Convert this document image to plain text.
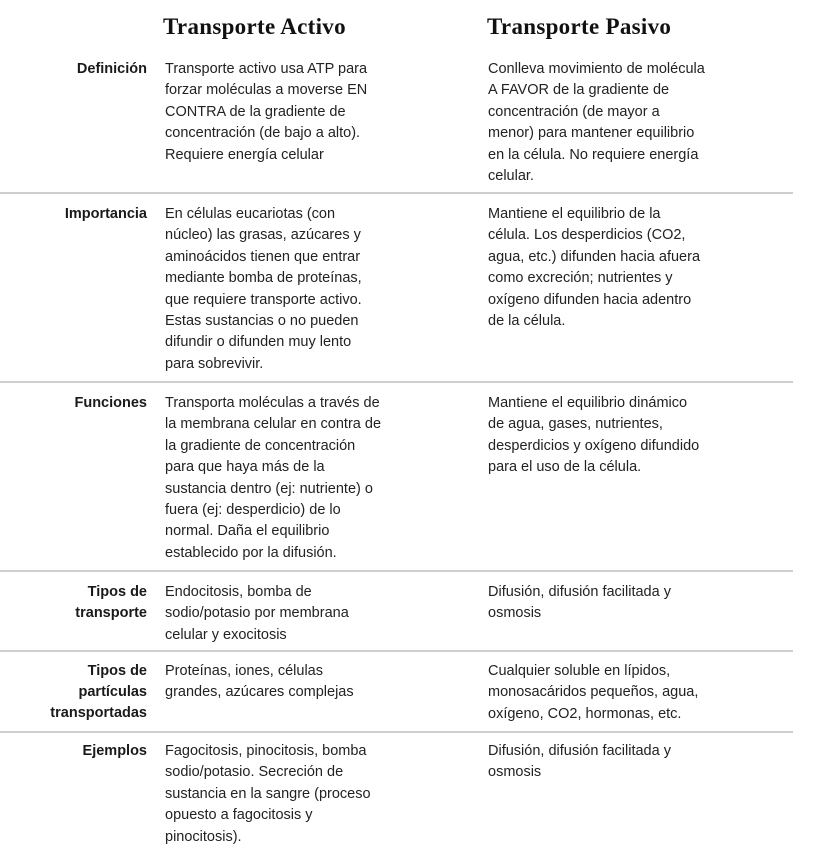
Transporte Activo	Transporte Pasivo
Definición Transporte activo usa ATP para
forzar moléculas a moverse EN
CONTRA de la gradiente de
concentración (de bajo a alto).
Requiere energía celular
Conlleva movimiento de molécula
A FAVOR de la gradiente de
concentración (de mayor a
menor) para mantener equilibrio
en la célula. No requiere energía
celular.
Importancia En células eucariotas (con
núcleo) las grasas, azúcares y
aminoácidos tienen que entrar
mediante bomba de proteínas,
que requiere transporte activo.
Estas sustancias o no pueden
difundir o difunden muy lento
para sobrevivir.
Mantiene el equilibrio de la
célula. Los desperdicios (CO2,
agua, etc.) difunden hacia afuera
como excreción; nutrientes y
oxígeno difunden hacia adentro
de la célula.
Funciones Transporta moléculas a través de
la membrana celular en contra de
la gradiente de concentración
para que haya más de la
sustancia dentro (ej: nutriente) o
fuera (ej: desperdicio) de lo
normal. Daña el equilibrio
establecido por la difusión.
Mantiene el equilibrio dinámico
de agua, gases, nutrientes,
desperdicios y oxígeno difundido
para el uso de la célula.
Tipos de
transporte
Endocitosis, bomba de
sodio/potasio por membrana
celular y exocitosis
Difusión, difusión facilitada y
osmosis
Tipos de
partículas
transportadas
Proteínas, iones, células
grandes, azúcares complejas
Cualquier soluble en lípidos,
monosacáridos pequeños, agua,
oxígeno, CO2, hormonas, etc.
Ejemplos Fagocitosis, pinocitosis, bomba
sodio/potasio. Secreción de
sustancia en la sangre (proceso
opuesto a fagocitosis y
pinocitosis).
Difusión, difusión facilitada y
osmosis
